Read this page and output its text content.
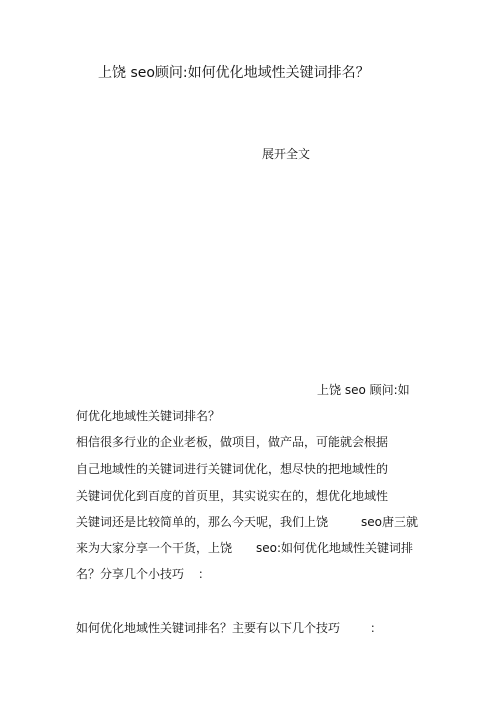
上饶 seo顾问:如何优化地域性关键词排名？
展开全文
上饶 seo 顾问:如
何优化地域性关键词排名？
相信很多行业的企业老板，做项目，做产品，可能就会根据
自己地域性的关键词进行关键词优化，想尽快的把地域性的
关键词优化到百度的首页里，其实说实在的，想优化地域性
关键词还是比较简单的，那么今天呢，我们上饶	seo唐三就
来为大家分享一个干货，上饶 seo:如何优化地域性关键词排
名？分享几个小技巧 ：
如何优化地域性关键词排名？主要有以下几个技巧 ：
